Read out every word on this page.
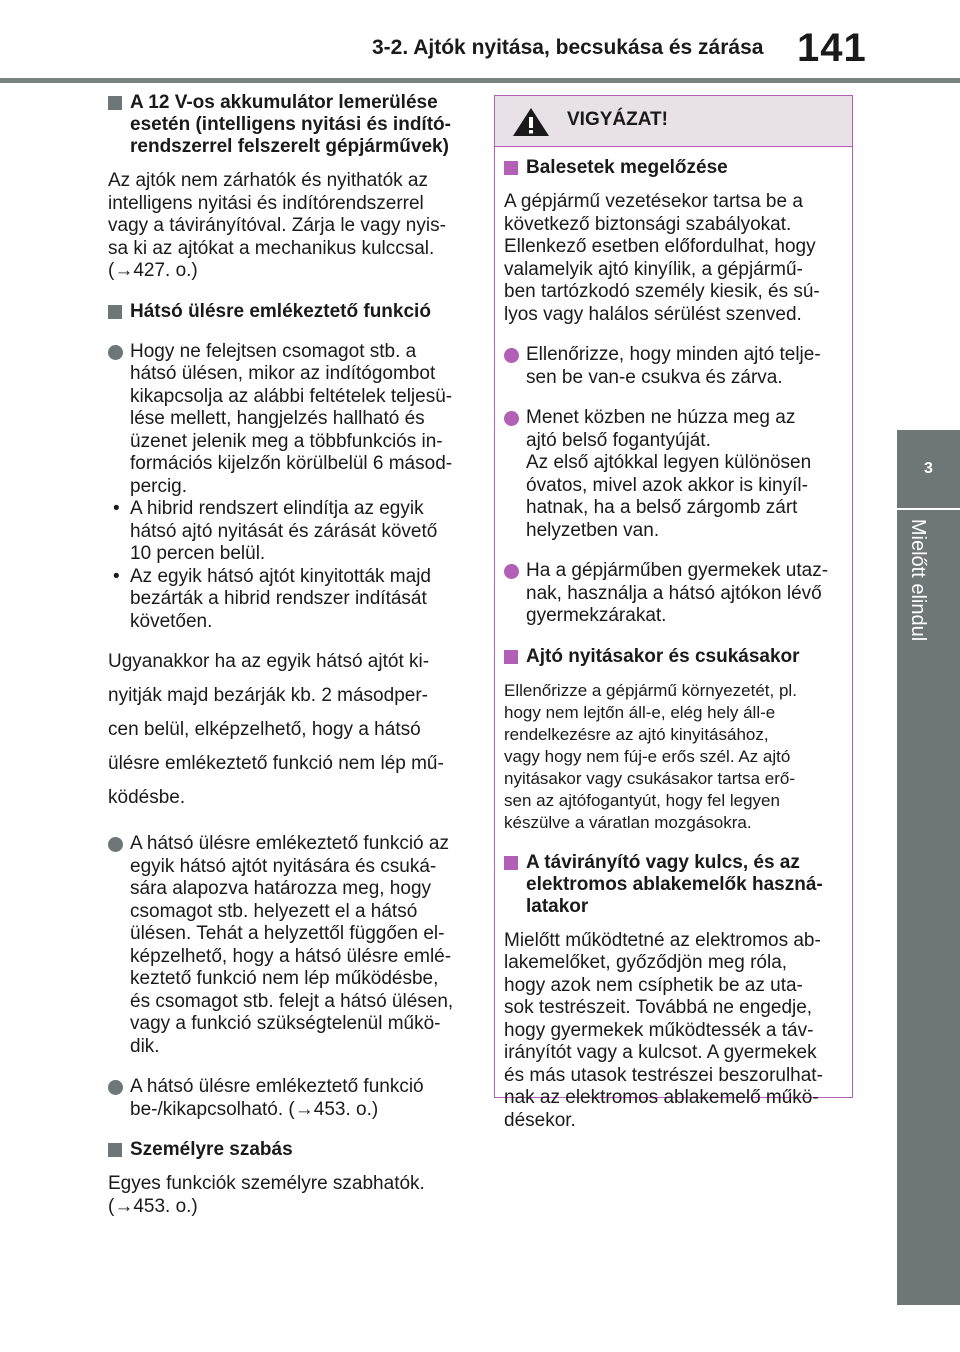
3-2. Ajtók nyitása, becsukása és zárása 141
3
Mielőtt elindul
A 12 V-os akkumulátor lemerülése
esetén (intelligens nyitási és indító-
rendszerrel felszerelt gépjárművek)
Az ajtók nem zárhatók és nyithatók az
intelligens nyitási és indítórendszerrel
vagy a távirányítóval. Zárja le vagy nyis-
sa ki az ajtókat a mechanikus kulccsal.
(→427. o.)
Hátsó ülésre emlékeztető funkció
Hogy ne felejtsen csomagot stb. a
hátsó ülésen, mikor az indítógombot
kikapcsolja az alábbi feltételek teljesü-
lése mellett, hangjelzés hallható és
üzenet jelenik meg a többfunkciós in-
formációs kijelzőn körülbelül 6 másod-
percig.
• A hibrid rendszert elindítja az egyik
hátsó ajtó nyitását és zárását követő
10 percen belül.
• Az egyik hátsó ajtót kinyitották majd
bezárták a hibrid rendszer indítását
követően.
Ugyanakkor ha az egyik hátsó ajtót ki-
nyitják majd bezárják kb. 2 másodper-
cen belül, elképzelhető, hogy a hátsó
ülésre emlékeztető funkció nem lép mű-
ködésbe.
A hátsó ülésre emlékeztető funkció az
egyik hátsó ajtót nyitására és csuká-
sára alapozva határozza meg, hogy
csomagot stb. helyezett el a hátsó
ülésen. Tehát a helyzettől függően el-
képzelhető, hogy a hátsó ülésre emlé-
keztető funkció nem lép működésbe,
és csomagot stb. felejt a hátsó ülésen,
vagy a funkció szükségtelenül műkö-
dik.
A hátsó ülésre emlékeztető funkció
be-/kikapcsolható. (→453. o.)
Személyre szabás
Egyes funkciók személyre szabhatók.
(→453. o.)
VIGYÁZAT!
Balesetek megelőzése
A gépjármű vezetésekor tartsa be a
következő biztonsági szabályokat.
Ellenkező esetben előfordulhat, hogy
valamelyik ajtó kinyílik, a gépjármű-
ben tartózkodó személy kiesik, és sú-
lyos vagy halálos sérülést szenved.
Ellenőrizze, hogy minden ajtó telje-
sen be van-e csukva és zárva.
Menet közben ne húzza meg az
ajtó belső fogantyúját.
Az első ajtókkal legyen különösen
óvatos, mivel azok akkor is kinyíl-
hatnak, ha a belső zárgomb zárt
helyzetben van.
Ha a gépjárműben gyermekek utaz-
nak, használja a hátsó ajtókon lévő
gyermekzárakat.
Ajtó nyitásakor és csukásakor
Ellenőrizze a gépjármű környezetét, pl.
hogy nem lejtőn áll-e, elég hely áll-e
rendelkezésre az ajtó kinyitásához,
vagy hogy nem fúj-e erős szél. Az ajtó
nyitásakor vagy csukásakor tartsa erő-
sen az ajtófogantyút, hogy fel legyen
készülve a váratlan mozgásokra.
A távirányító vagy kulcs, és az
elektromos ablakemelők haszná-
latakor
Mielőtt működtetné az elektromos ab-
lakemelőket, győződjön meg róla,
hogy azok nem csíphetik be az uta-
sok testrészeit. Továbbá ne engedje,
hogy gyermekek működtessék a táv-
irányítót vagy a kulcsot. A gyermekek
és más utasok testrészei beszorulhat-
nak az elektromos ablakemelő műkö-
désekor.
